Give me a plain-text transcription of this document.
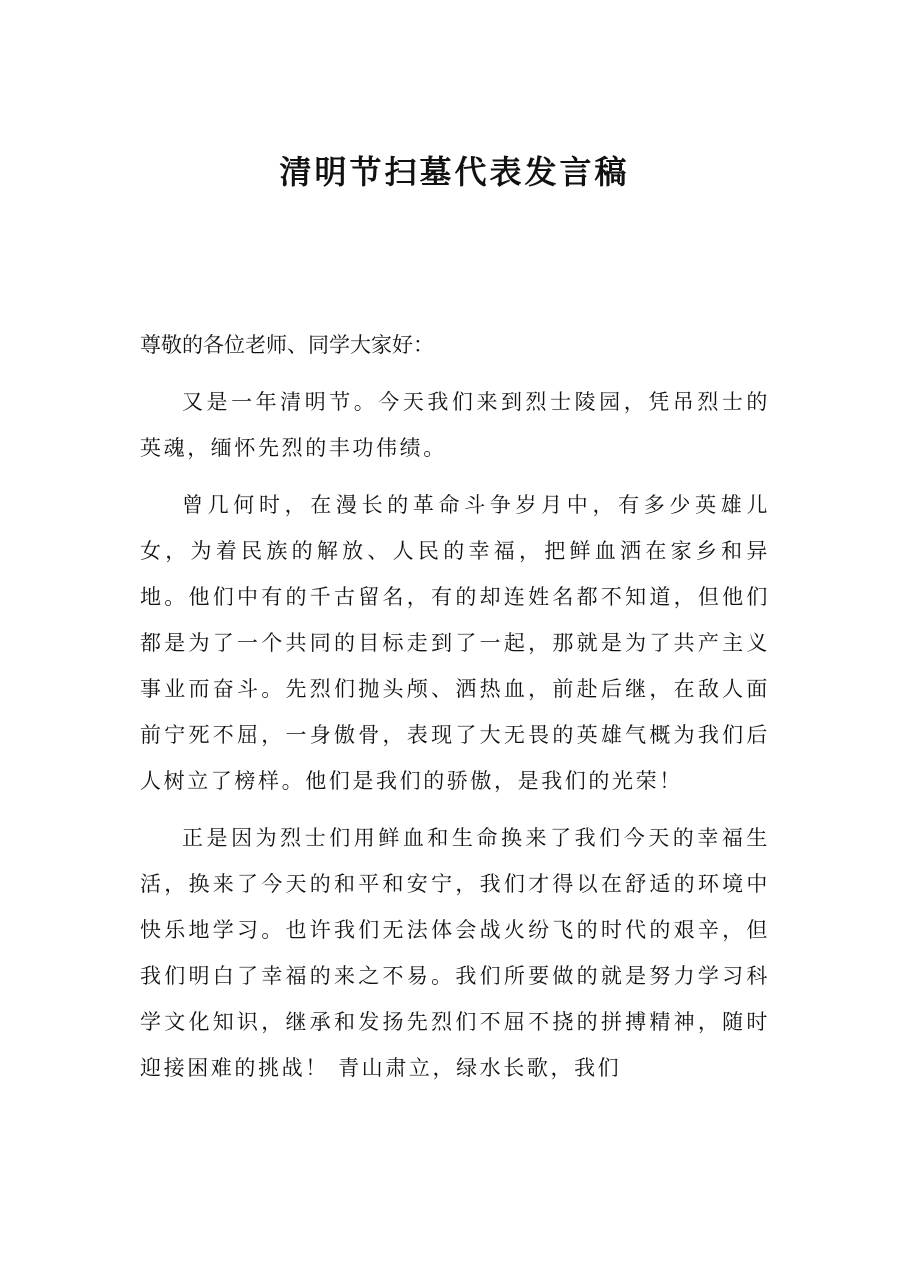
清明节扫墓代表发言稿

尊敬的各位老师、同学大家好：

又是一年清明节。今天我们来到烈士陵园，凭吊烈士的英魂，缅怀先烈的丰功伟绩。

曾几何时，在漫长的革命斗争岁月中，有多少英雄儿女，为着民族的解放、人民的幸福，把鲜血洒在家乡和异地。他们中有的千古留名，有的却连姓名都不知道，但他们都是为了一个共同的目标走到了一起，那就是为了共产主义事业而奋斗。先烈们抛头颅、洒热血，前赴后继，在敌人面前宁死不屈，一身傲骨，表现了大无畏的英雄气概为我们后人树立了榜样。他们是我们的骄傲，是我们的光荣！

正是因为烈士们用鲜血和生命换来了我们今天的幸福生活，换来了今天的和平和安宁，我们才得以在舒适的环境中快乐地学习。也许我们无法体会战火纷飞的时代的艰辛，但我们明白了幸福的来之不易。我们所要做的就是努力学习科学文化知识，继承和发扬先烈们不屈不挠的拼搏精神，随时迎接困难的挑战！ 青山肃立，绿水长歌，我们
